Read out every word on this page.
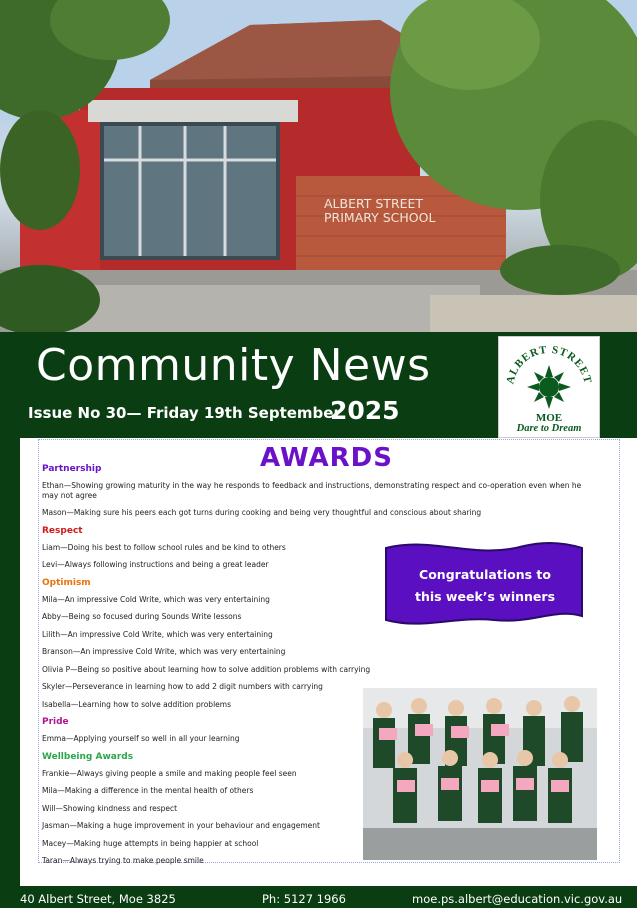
ALBERT STREET
PRIMARY SCHOOL
Community News
Issue No 30— Friday 19th September
2025
ALBERT STREET
MOE
Dare to Dream
AWARDS
Partnership
Ethan—Showing growing maturity in the way he responds to feedback and instructions, demonstrating respect and co-operation even when he may not agree
Mason—Making sure his peers each got turns during cooking and being very thoughtful and conscious about sharing
Respect
Liam—Doing his best to follow school rules and be kind to others
Levi—Always following instructions and being a great leader
Optimism
Mila—An impressive Cold Write, which was very entertaining
Abby—Being so focused during Sounds Write lessons
Lilith—An impressive Cold Write, which was very entertaining
Branson—An impressive Cold Write, which was very entertaining
Olivia P—Being so positive about learning how to solve addition problems with carrying
Skyler—Perseverance in learning how to add 2 digit numbers with carrying
Isabella—Learning how to solve addition problems
Pride
Emma—Applying yourself so well in all your learning
Wellbeing Awards
Frankie—Always giving people a smile and making people feel seen
Mila—Making a difference in the mental health of others
Will—Showing kindness and respect
Jasman—Making a huge improvement in your behaviour and engagement
Macey—Making huge attempts in being happier at school
Taran—Always trying to make people smile
Congratulations to
this week’s winners
40 Albert Street, Moe 3825	Ph: 5127 1966	moe.ps.albert@education.vic.gov.au
